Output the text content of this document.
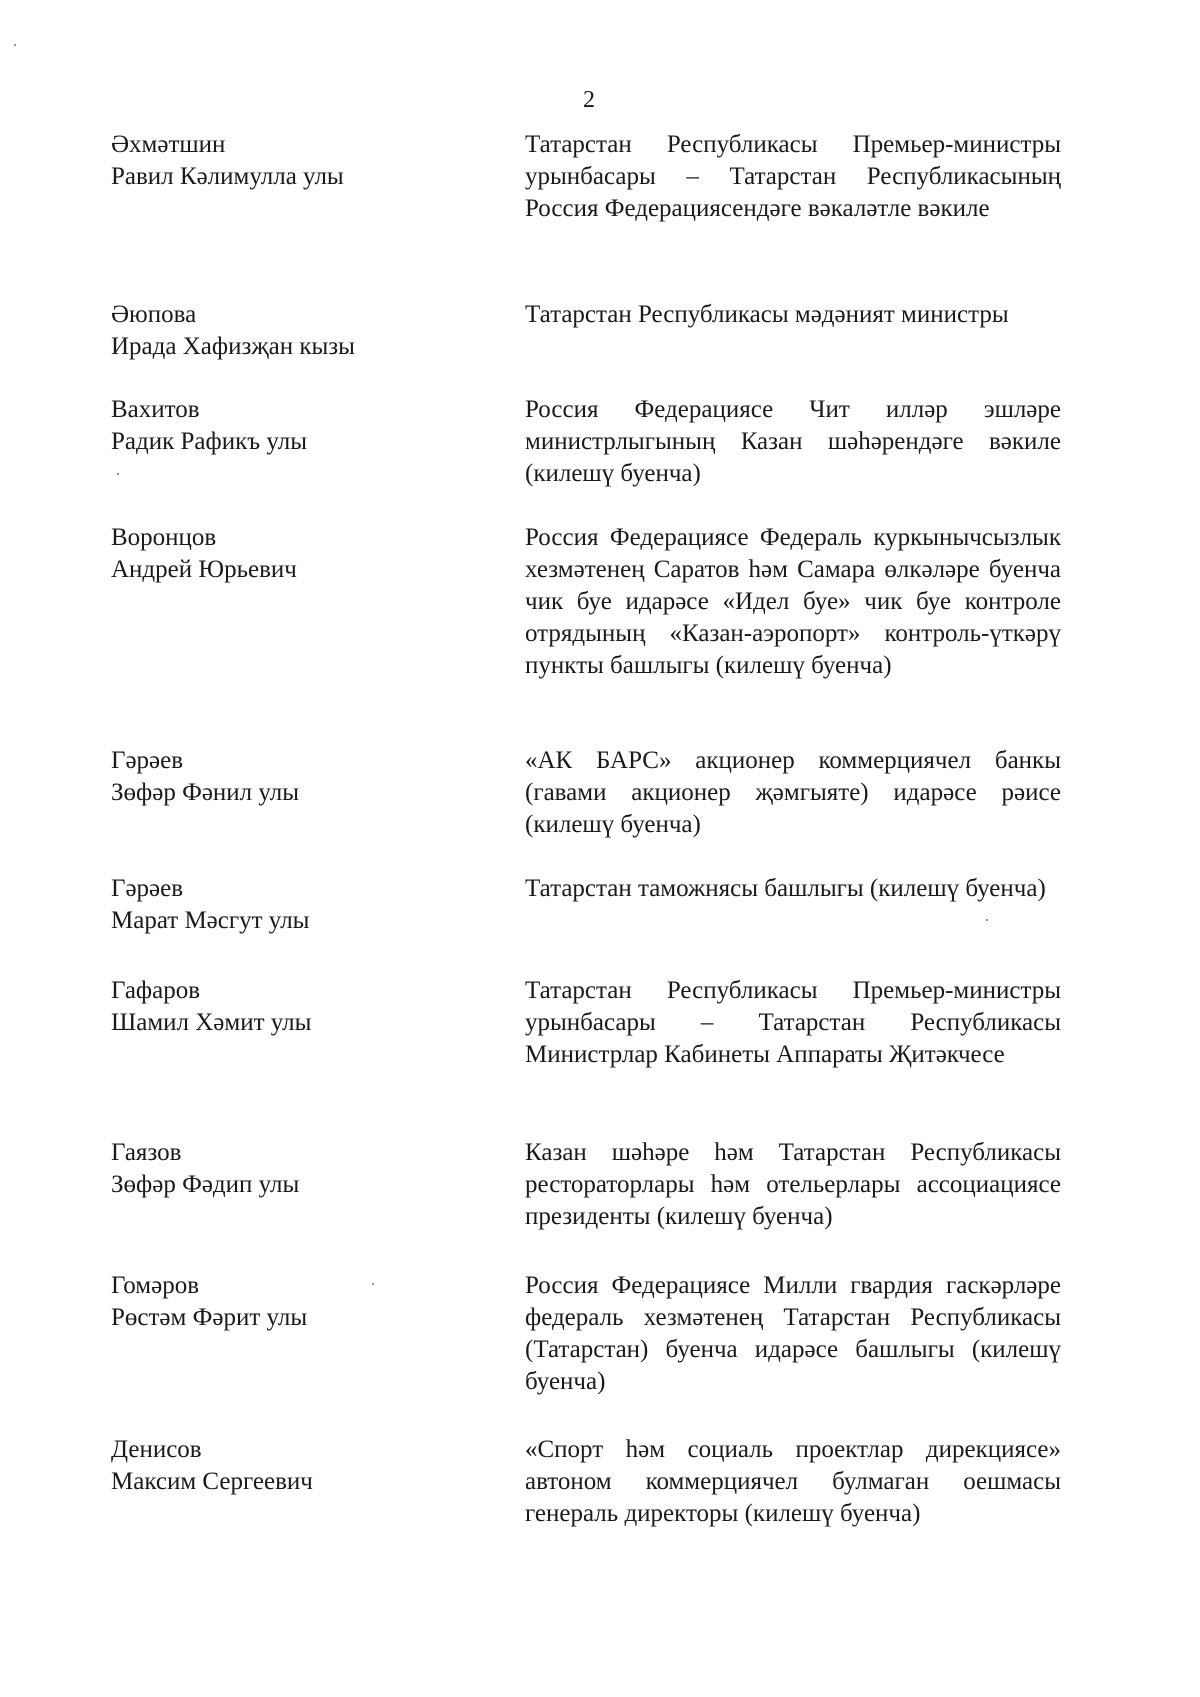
2
Әхмәтшин
Равил Кәлимулла улы
Татарстан Республикасы Премьер-министры урынбасары – Татарстан Республикасының Россия Федерациясендәге вәкаләтле вәкиле
Әюпова
Ирада Хафизҗан кызы
Татарстан Республикасы мәдәният министры
Вахитов
Радик Рафикъ улы
Россия Федерациясе Чит илләр эшләре министрлыгының Казан шәһәрендәге вәкиле (килешү буенча)
Воронцов
Андрей Юрьевич
Россия Федерациясе Федераль куркынычсызлык хезмәтенең Саратов һәм Самара өлкәләре буенча чик буе идарәсе «Идел буе» чик буе контроле отрядының «Казан-аэропорт» контроль-үткәрү пункты башлыгы (килешү буенча)
Гәрәев
Зөфәр Фәнил улы
«АК БАРС» акционер коммерциячел банкы (гавами акционер җәмгыяте) идарәсе рәисе (килешү буенча)
Гәрәев
Марат Мәсгут улы
Татарстан таможнясы башлыгы (килешү буенча)
Гафаров
Шамил Хәмит улы
Татарстан Республикасы Премьер-министры урынбасары – Татарстан Республикасы Министрлар Кабинеты Аппараты Җитәкчесе
Гаязов
Зөфәр Фәдип улы
Казан шәһәре һәм Татарстан Республикасы рестораторлары һәм отельерлары ассоциациясе президенты (килешү буенча)
Гомәров
Рөстәм Фәрит улы
Россия Федерациясе Милли гвардия гаскәрләре федераль хезмәтенең Татарстан Республикасы (Татарстан) буенча идарәсе башлыгы (килешү буенча)
Денисов
Максим Сергеевич
«Спорт һәм социаль проектлар дирекциясе» автоном коммерциячел булмаган оешмасы генераль директоры (килешү буенча)
